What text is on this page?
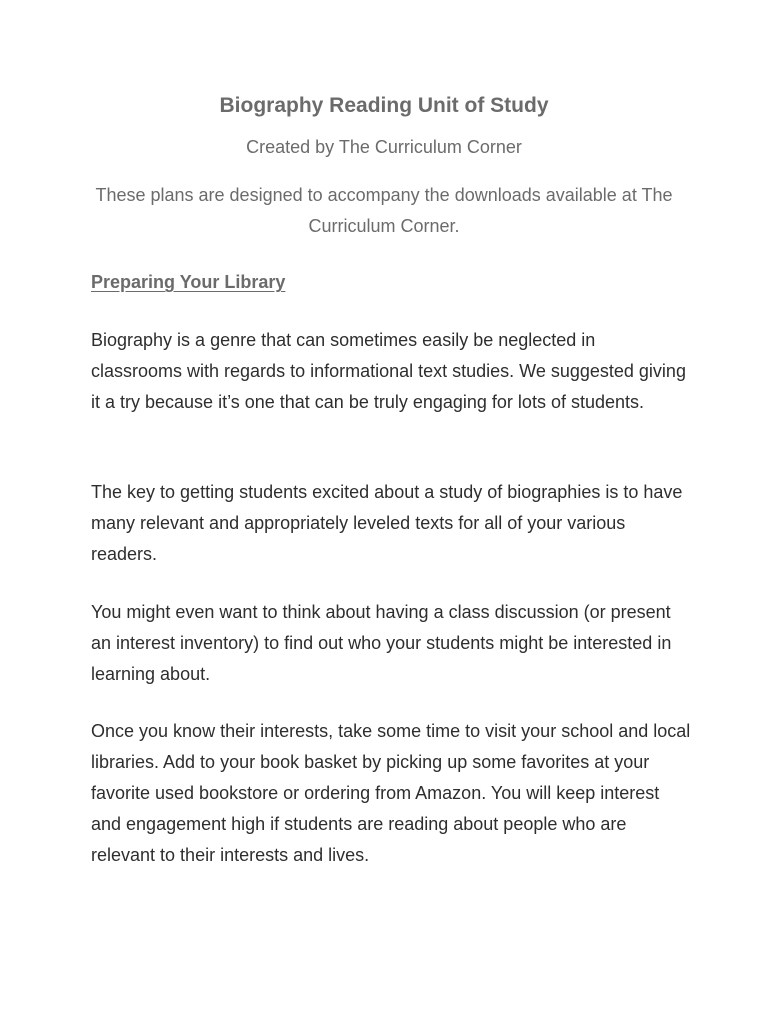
Biography Reading Unit of Study

Created by The Curriculum Corner

These plans are designed to accompany the downloads available at The Curriculum Corner.

Preparing Your Library

Biography is a genre that can sometimes easily be neglected in classrooms with regards to informational text studies. We suggested giving it a try because it’s one that can be truly engaging for lots of students.

The key to getting students excited about a study of biographies is to have many relevant and appropriately leveled texts for all of your various readers.

You might even want to think about having a class discussion (or present an interest inventory) to find out who your students might be interested in learning about.

Once you know their interests, take some time to visit your school and local libraries. Add to your book basket by picking up some favorites at your favorite used bookstore or ordering from Amazon. You will keep interest and engagement high if students are reading about people who are relevant to their interests and lives.
